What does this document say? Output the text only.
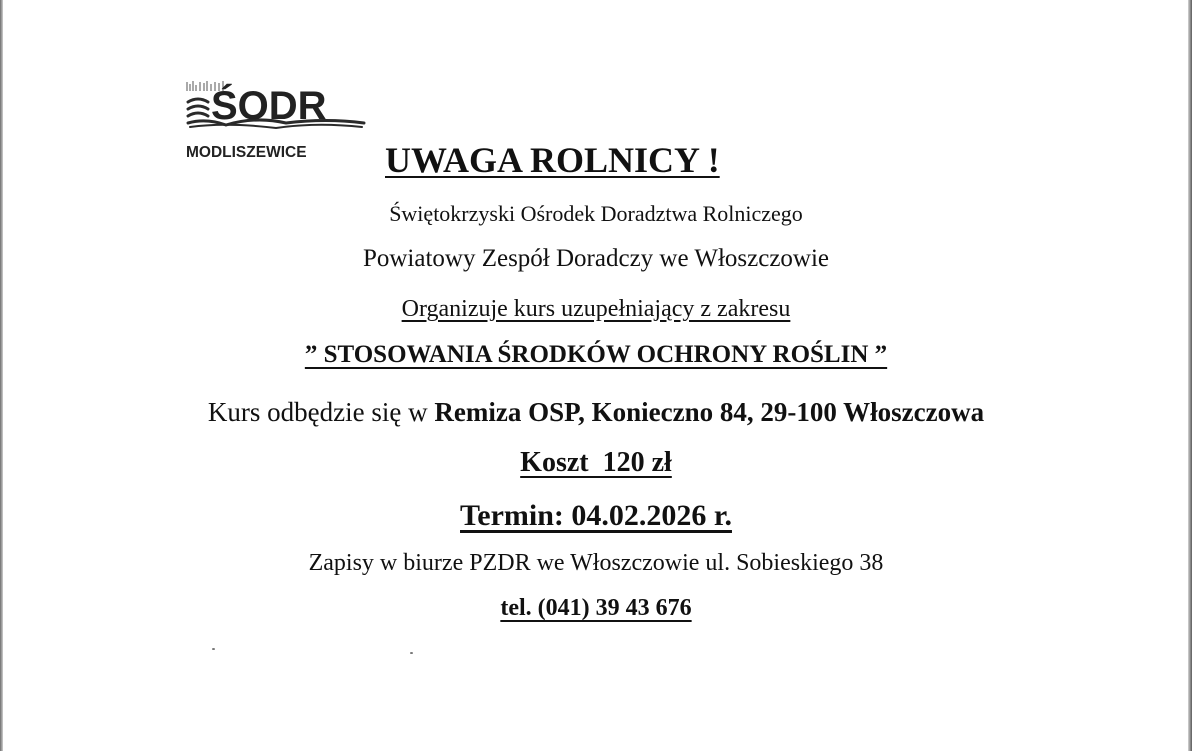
ŚODR
MODLISZEWICE UWAGA ROLNICY !
Świętokrzyski Ośrodek Doradztwa Rolniczego
Powiatowy Zespół Doradczy we Włoszczowie
Organizuje kurs uzupełniający z zakresu
” STOSOWANIA ŚRODKÓW OCHRONY ROŚLIN ”
Kurs odbędzie się w Remiza OSP, Konieczno 84, 29-100 Włoszczowa
Koszt  120 zł
Termin: 04.02.2026 r.
Zapisy w biurze PZDR we Włoszczowie ul. Sobieskiego 38
tel. (041) 39 43 676
